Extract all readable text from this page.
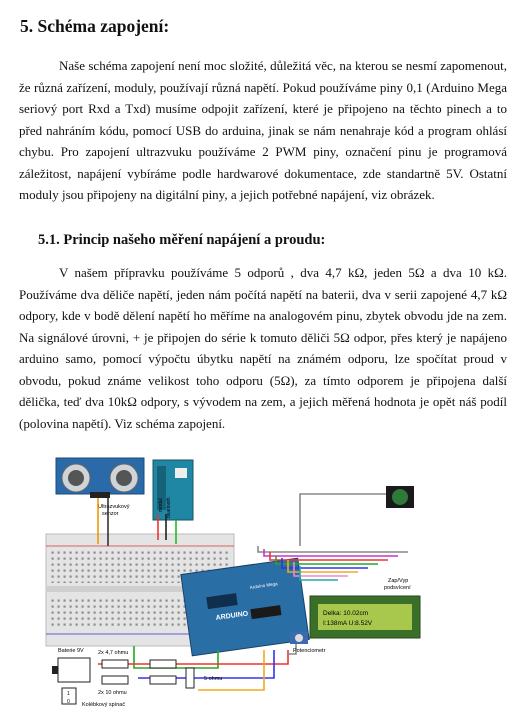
5. Schéma zapojení:

Naše schéma zapojení není moc složité, důležitá věc, na kterou se nesmí zapomenout, že různá zařízení, moduly, používají různá napětí. Pokud používáme piny 0,1 (Arduino Mega seriový port Rxd a Txd) musíme odpojit zařízení, které je připojeno na těchto pinech a to před nahráním kódu, pomocí USB do arduina, jinak se nám nenahraje kód a program ohlásí chybu. Pro zapojení ultrazvuku používáme 2 PWM piny, označení pinu je programová záležitost, napájení vybíráme podle hardwarové dokumentace, zde standartně 5V. Ostatní moduly jsou připojeny na digitální piny, a jejich potřebné napájení, viz obrázek.

5.1. Princip našeho měření napájení a proudu:

V našem přípravku používáme 5 odporů , dva 4,7 kΩ, jeden 5Ω a dva 10 kΩ. Používáme dva děliče napětí, jeden nám počítá napětí na baterii, dva v serii zapojené 4,7 kΩ odpory, kde v bodě dělení napětí ho měříme na analogovém pinu, zbytek obvodu jde na zem. Na signálové úrovni, + je připojen do série k tomuto děliči 5Ω odpor, přes který je napájeno arduino samo, pomocí výpočtu úbytku napětí na známém odporu, lze spočítat proud v obvodu, pokud známe velikost toho odporu (5Ω), za tímto odporem je připojena další dělička, teď dva 10kΩ odpory, s vývodem na zem, a jejich měřená hodnota je opět náš podíl (polovina napětí). Viz schéma zapojení.

Ultrazvukový
senzor
modul bluetooth
Arduino Mega
ARDUINO
Zap/Vyp
podsvícení
Delka: 10.02cm
I:138mA U:8.52V
Potenciometr
Baterie 9V	2x 4,7 ohmu
5 ohmu
2x 10 ohmu
1
0 Kolébkový spínač
